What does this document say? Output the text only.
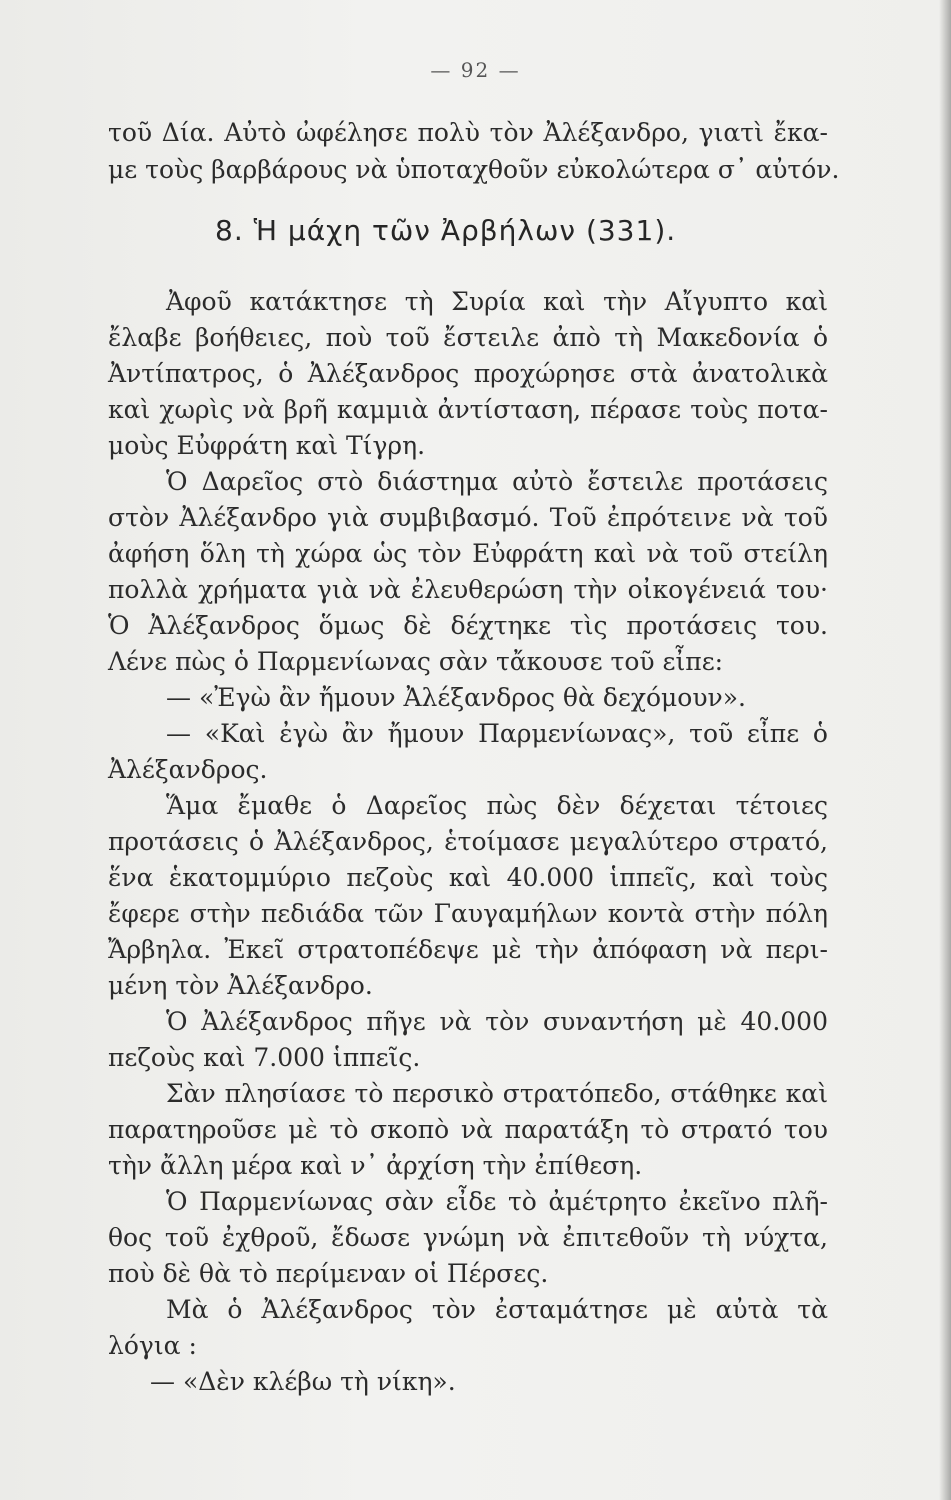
— 92 —
τοῦ Δία. Αὐτὸ ὠφέλησε πολὺ τὸν Ἀλέξανδρο, γιατὶ ἔκα-
με τοὺς βαρβάρους νὰ ὑποταχθοῦν εὐκολώτερα σ᾽ αὐτόν.
8. Ἡ μάχη τῶν Ἀρβήλων (331).
Ἀφοῦ κατάκτησε τὴ Συρία καὶ τὴν Αἴγυπτο καὶ
ἔλαβε βοήθειες, ποὺ τοῦ ἔστειλε ἀπὸ τὴ Μακεδονία ὁ
Ἀντίπατρος, ὁ Ἀλέξανδρος προχώρησε στὰ ἀνατολικὰ
καὶ χωρὶς νὰ βρῆ καμμιὰ ἀντίσταση, πέρασε τοὺς ποτα-
μοὺς Εὐφράτη καὶ Τίγρη.
Ὁ Δαρεῖος στὸ διάστημα αὐτὸ ἔστειλε προτάσεις
στὸν Ἀλέξανδρο γιὰ συμβιβασμό. Τοῦ ἐπρότεινε νὰ τοῦ
ἀφήση ὅλη τὴ χώρα ὡς τὸν Εὐφράτη καὶ νὰ τοῦ στείλη
πολλὰ χρήματα γιὰ νὰ ἐλευθερώση τὴν οἰκογένειά του·
Ὁ Ἀλέξανδρος ὅμως δὲ δέχτηκε τὶς προτάσεις του.
Λένε πὼς ὁ Παρμενίωνας σὰν τἄκουσε τοῦ εἶπε:
— «Ἐγὼ ἂν ἤμουν Ἀλέξανδρος θὰ δεχόμουν».
— «Καὶ ἐγὼ ἂν ἤμουν Παρμενίωνας», τοῦ εἶπε ὁ
Ἀλέξανδρος.
Ἅμα ἔμαθε ὁ Δαρεῖος πὼς δὲν δέχεται τέτοιες
προτάσεις ὁ Ἀλέξανδρος, ἑτοίμασε μεγαλύτερο στρατό,
ἕνα ἑκατομμύριο πεζοὺς καὶ 40.000 ἱππεῖς, καὶ τοὺς
ἔφερε στὴν πεδιάδα τῶν Γαυγαμήλων κοντὰ στὴν πόλη
Ἄρβηλα. Ἐκεῖ στρατοπέδεψε μὲ τὴν ἀπόφαση νὰ περι-
μένη τὸν Ἀλέξανδρο.
Ὁ Ἀλέξανδρος πῆγε νὰ τὸν συναντήση μὲ 40.000
πεζοὺς καὶ 7.000 ἱππεῖς.
Σὰν πλησίασε τὸ περσικὸ στρατόπεδο, στάθηκε καὶ
παρατηροῦσε μὲ τὸ σκοπὸ νὰ παρατάξη τὸ στρατό του
τὴν ἄλλη μέρα καὶ ν᾽ ἀρχίση τὴν ἐπίθεση.
Ὁ Παρμενίωνας σὰν εἶδε τὸ ἀμέτρητο ἐκεῖνο πλῆ-
θος τοῦ ἐχθροῦ, ἔδωσε γνώμη νὰ ἐπιτεθοῦν τὴ νύχτα,
ποὺ δὲ θὰ τὸ περίμεναν οἱ Πέρσες.
Μὰ ὁ Ἀλέξανδρος τὸν ἐσταμάτησε μὲ αὐτὰ τὰ
λόγια :
— «Δὲν κλέβω τὴ νίκη».
